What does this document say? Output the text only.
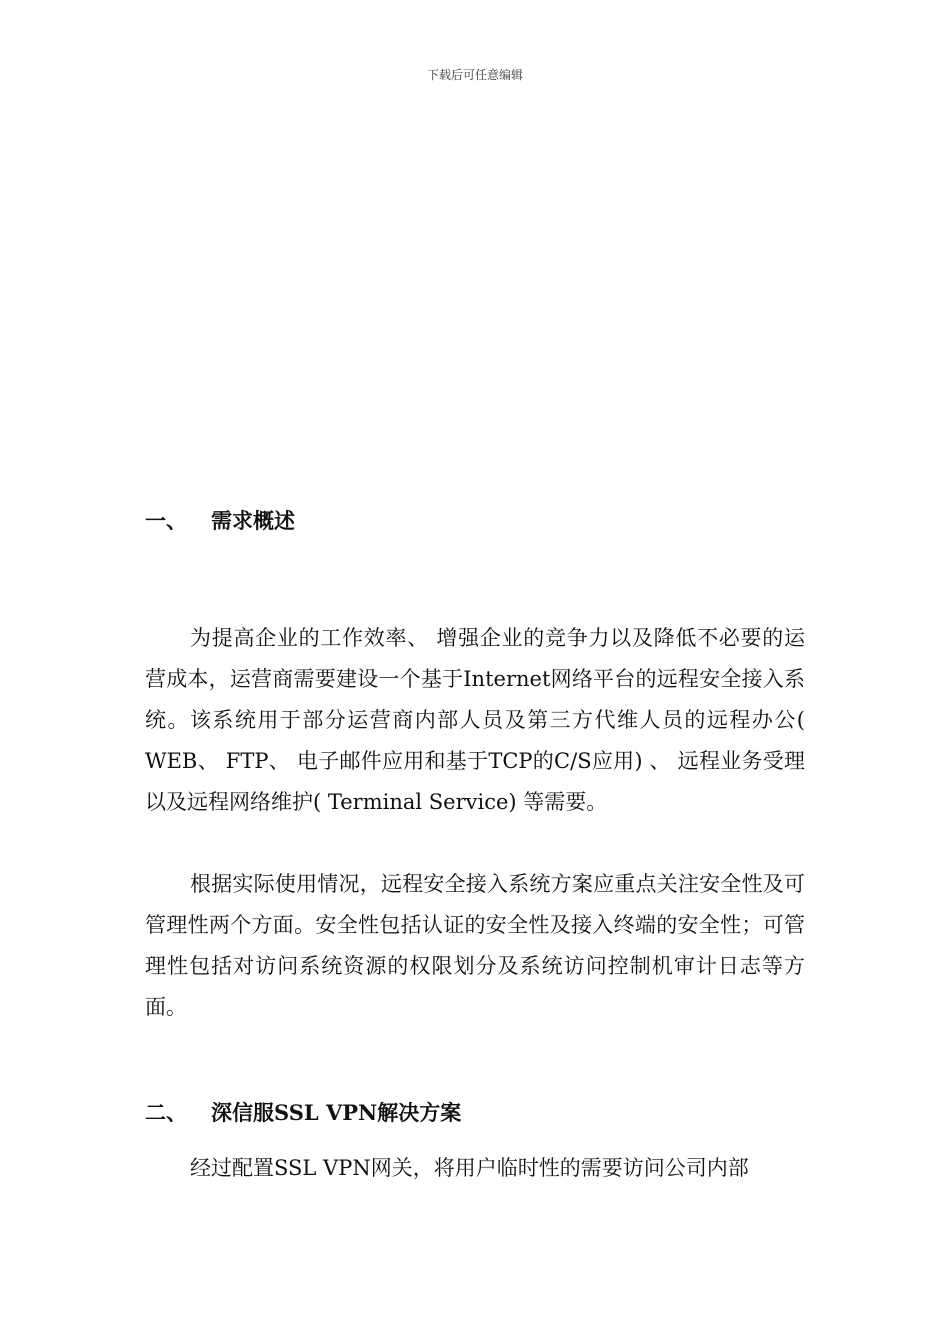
下载后可任意编辑
一、 需求概述

为提高企业的工作效率、 增强企业的竞争力以及降低不必要的运营成本，运营商需要建设一个基于Internet网络平台的远程安全接入系统。该系统用于部分运营商内部人员及第三方代维人员的远程办公( WEB、 FTP、 电子邮件应用和基于TCP的C/S应用) 、 远程业务受理以及远程网络维护( Terminal Service) 等需要。

根据实际使用情况，远程安全接入系统方案应重点关注安全性及可管理性两个方面。安全性包括认证的安全性及接入终端的安全性；可管理性包括对访问系统资源的权限划分及系统访问控制机审计日志等方面。

二、 深信服SSL VPN解决方案

经过配置SSL VPN网关，将用户临时性的需要访问公司内部
